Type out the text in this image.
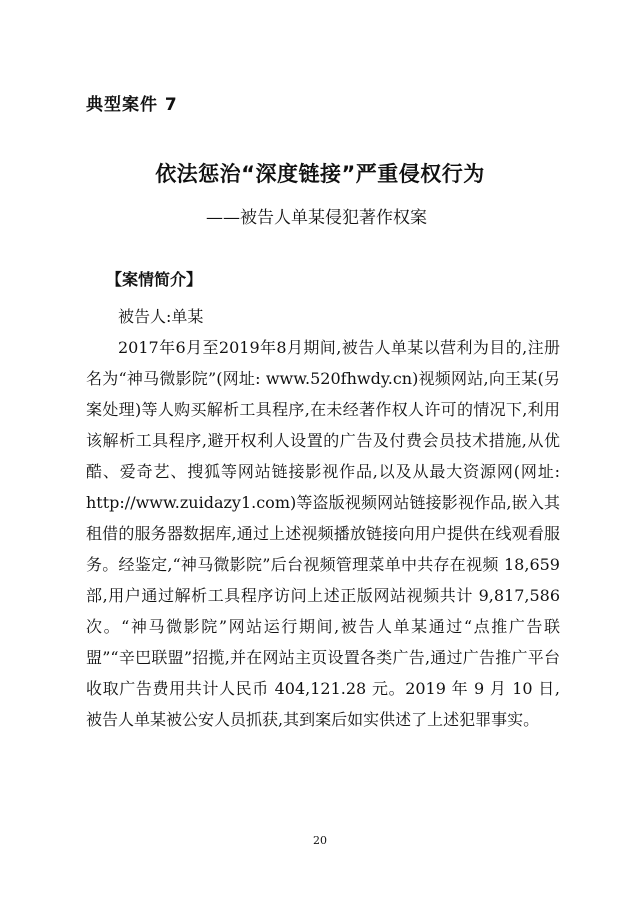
典型案件 7
依法惩治“深度链接”严重侵权行为
——被告人单某侵犯著作权案
【案情简介】

被告人:单某

2017年6月至2019年8月期间,被告人单某以营利为目的,注册名为“神马微影院”(网址: www.520fhwdy.cn)视频网站,向王某(另案处理)等人购买解析工具程序,在未经著作权人许可的情况下,利用该解析工具程序,避开权利人设置的广告及付费会员技术措施,从优酷、爱奇艺、搜狐等网站链接影视作品,以及从最大资源网(网址: http://www.zuidazy1.com)等盗版视频网站链接影视作品,嵌入其租借的服务器数据库,通过上述视频播放链接向用户提供在线观看服务。经鉴定,“神马微影院”后台视频管理菜单中共存在视频 18,659 部,用户通过解析工具程序访问上述正版网站视频共计 9,817,586 次。“神马微影院”网站运行期间,被告人单某通过“点推广告联盟”“辛巴联盟”招揽,并在网站主页设置各类广告,通过广告推广平台收取广告费用共计人民币 404,121.28 元。2019 年 9 月 10 日,被告人单某被公安人员抓获,其到案后如实供述了上述犯罪事实。

20
